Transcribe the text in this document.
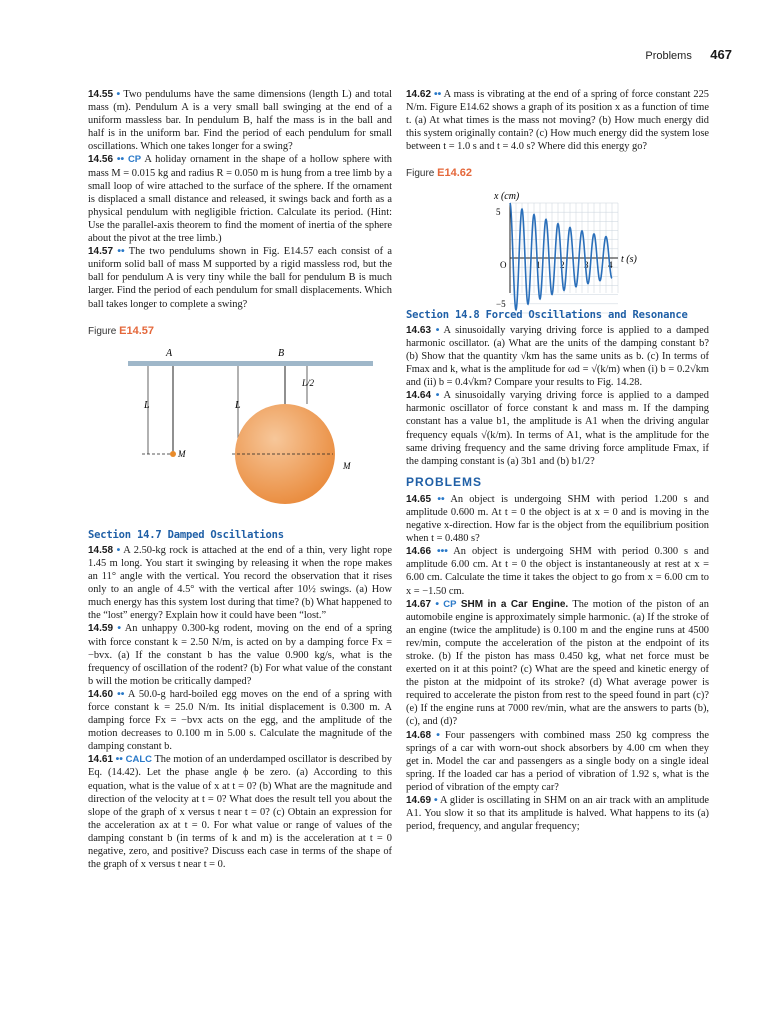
Problems 467

14.55 • Two pendulums have the same dimensions (length L) and total mass (m). Pendulum A is a very small ball swinging at the end of a uniform massless bar. In pendulum B, half the mass is in the ball and half is in the uniform bar. Find the period of each pendulum for small oscillations. Which one takes longer for a swing?

14.56 •• CP A holiday ornament in the shape of a hollow sphere with mass M = 0.015 kg and radius R = 0.050 m is hung from a tree limb by a small loop of wire attached to the surface of the sphere. If the ornament is displaced a small distance and released, it swings back and forth as a physical pendulum with negligible friction. Calculate its period. (Hint: Use the parallel-axis theorem to find the moment of inertia of the sphere about the pivot at the tree limb.)

14.57 •• The two pendulums shown in Fig. E14.57 each consist of a uniform solid ball of mass M supported by a rigid massless rod, but the ball for pendulum A is very tiny while the ball for pendulum B is much larger. Find the period of each pendulum for small displacements. Which ball takes longer to complete a swing?

Figure E14.57
A	B
L
M
L
L/2
M
Section 14.7 Damped Oscillations

14.58 • A 2.50-kg rock is attached at the end of a thin, very light rope 1.45 m long. You start it swinging by releasing it when the rope makes an 11° angle with the vertical. You record the observation that it rises only to an angle of 4.5° with the vertical after 10½ swings. (a) How much energy has this system lost during that time? (b) What happened to the “lost” energy? Explain how it could have been “lost.”

14.59 • An unhappy 0.300-kg rodent, moving on the end of a spring with force constant k = 2.50 N/m, is acted on by a damping force Fx = −bvx. (a) If the constant b has the value 0.900 kg/s, what is the frequency of oscillation of the rodent? (b) For what value of the constant b will the motion be critically damped?

14.60 •• A 50.0-g hard-boiled egg moves on the end of a spring with force constant k = 25.0 N/m. Its initial displacement is 0.300 m. A damping force Fx = −bvx acts on the egg, and the amplitude of the motion decreases to 0.100 m in 5.00 s. Calculate the magnitude of the damping constant b.

14.61 •• CALC The motion of an underdamped oscillator is described by Eq. (14.42). Let the phase angle ϕ be zero. (a) According to this equation, what is the value of x at t = 0? (b) What are the magnitude and direction of the velocity at t = 0? What does the result tell you about the slope of the graph of x versus t near t = 0? (c) Obtain an expression for the acceleration ax at t = 0. For what value or range of values of the damping constant b (in terms of k and m) is the acceleration at t = 0 negative, zero, and positive? Discuss each case in terms of the shape of the graph of x versus t near t = 0.

14.62 •• A mass is vibrating at the end of a spring of force constant 225 N/m. Figure E14.62 shows a graph of its position x as a function of time t. (a) At what times is the mass not moving? (b) How much energy did this system originally contain? (c) How much energy did the system lose between t = 1.0 s and t = 4.0 s? Where did this energy go?

Figure E14.62
x (cm)
t (s)
O	1 2 3 4
5
−5
Section 14.8 Forced Oscillations and Resonance

14.63 • A sinusoidally varying driving force is applied to a damped harmonic oscillator. (a) What are the units of the damping constant b? (b) Show that the quantity √km has the same units as b. (c) In terms of Fmax and k, what is the amplitude for ωd = √(k/m) when (i) b = 0.2√km and (ii) b = 0.4√km? Compare your results to Fig. 14.28.

14.64 • A sinusoidally varying driving force is applied to a damped harmonic oscillator of force constant k and mass m. If the damping constant has a value b1, the amplitude is A1 when the driving angular frequency equals √(k/m). In terms of A1, what is the amplitude for the same driving frequency and the same driving force amplitude Fmax, if the damping constant is (a) 3b1 and (b) b1/2?

PROBLEMS

14.65 •• An object is undergoing SHM with period 1.200 s and amplitude 0.600 m. At t = 0 the object is at x = 0 and is moving in the negative x-direction. How far is the object from the equilibrium position when t = 0.480 s?

14.66 ••• An object is undergoing SHM with period 0.300 s and amplitude 6.00 cm. At t = 0 the object is instantaneously at rest at x = 6.00 cm. Calculate the time it takes the object to go from x = 6.00 cm to x = −1.50 cm.

14.67 • CP SHM in a Car Engine. The motion of the piston of an automobile engine is approximately simple harmonic. (a) If the stroke of an engine (twice the amplitude) is 0.100 m and the engine runs at 4500 rev/min, compute the acceleration of the piston at the endpoint of its stroke. (b) If the piston has mass 0.450 kg, what net force must be exerted on it at this point? (c) What are the speed and kinetic energy of the piston at the midpoint of its stroke? (d) What average power is required to accelerate the piston from rest to the speed found in part (c)? (e) If the engine runs at 7000 rev/min, what are the answers to parts (b), (c), and (d)?

14.68 • Four passengers with combined mass 250 kg compress the springs of a car with worn-out shock absorbers by 4.00 cm when they get in. Model the car and passengers as a single body on a single ideal spring. If the loaded car has a period of vibration of 1.92 s, what is the period of vibration of the empty car?

14.69 • A glider is oscillating in SHM on an air track with an amplitude A1. You slow it so that its amplitude is halved. What happens to its (a) period, frequency, and angular frequency;
